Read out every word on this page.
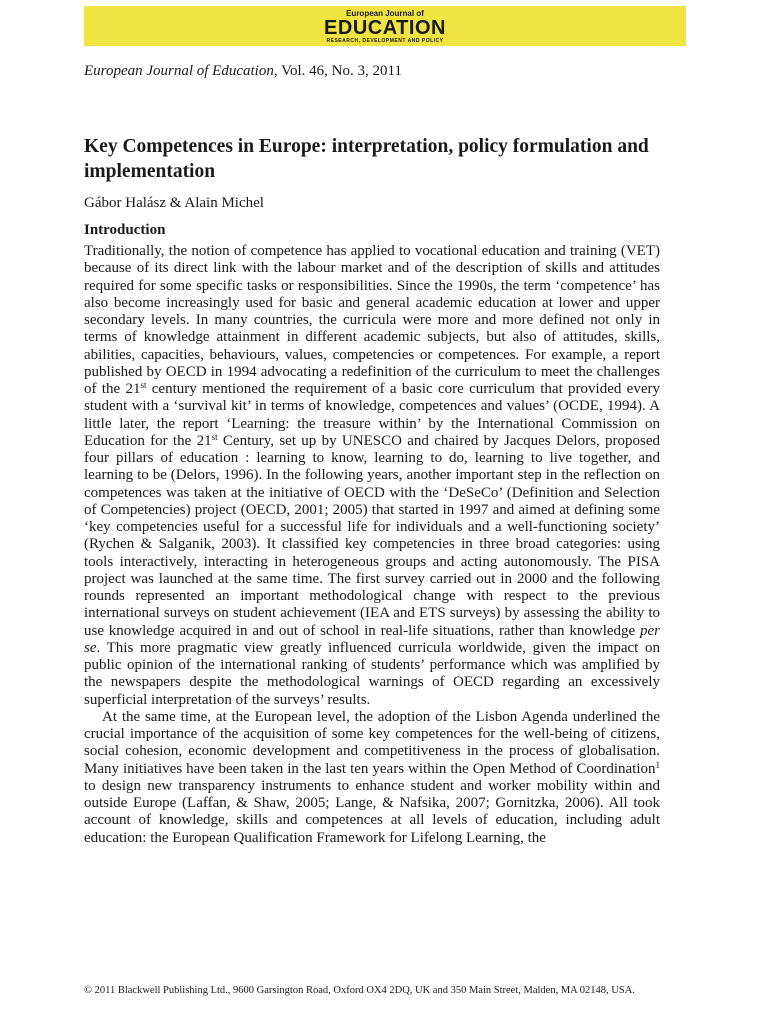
European Journal of
EDUCATION
RESEARCH, DEVELOPMENT AND POLICY
European Journal of Education, Vol. 46, No. 3, 2011
Key Competences in Europe: interpretation, policy formulation and implementation
Gábor Halász & Alain Michel
Introduction

Traditionally, the notion of competence has applied to vocational education and training (VET) because of its direct link with the labour market and of the description of skills and attitudes required for some specific tasks or responsibilities. Since the 1990s, the term ‘competence’ has also become increasingly used for basic and general academic education at lower and upper secondary levels. In many countries, the curricula were more and more defined not only in terms of knowledge attainment in different academic subjects, but also of attitudes, skills, abilities, capacities, behaviours, values, competencies or competences. For example, a report published by OECD in 1994 advocating a redefinition of the curriculum to meet the challenges of the 21st century mentioned the requirement of a basic core curriculum that provided every student with a ‘survival kit’ in terms of knowledge, competences and values’ (OCDE, 1994). A little later, the report ‘Learning: the treasure within’ by the International Commission on Education for the 21st Century, set up by UNESCO and chaired by Jacques Delors, proposed four pillars of education : learning to know, learning to do, learning to live together, and learning to be (Delors, 1996). In the following years, another important step in the reflection on competences was taken at the initiative of OECD with the ‘DeSeCo’ (Definition and Selection of Competencies) project (OECD, 2001; 2005) that started in 1997 and aimed at defining some ‘key competencies useful for a successful life for individuals and a well-functioning society’ (Rychen & Salganik, 2003). It classified key competencies in three broad categories: using tools interactively, interacting in heterogeneous groups and acting autonomously. The PISA project was launched at the same time. The first survey carried out in 2000 and the following rounds represented an important methodological change with respect to the previous international surveys on student achievement (IEA and ETS surveys) by assessing the ability to use knowledge acquired in and out of school in real-life situations, rather than knowledge per se. This more pragmatic view greatly influenced curricula worldwide, given the impact on public opinion of the international ranking of students’ performance which was amplified by the newspapers despite the methodological warnings of OECD regarding an excessively superficial interpretation of the surveys’ results.

At the same time, at the European level, the adoption of the Lisbon Agenda underlined the crucial importance of the acquisition of some key competences for the well-being of citizens, social cohesion, economic development and competitiveness in the process of globalisation. Many initiatives have been taken in the last ten years within the Open Method of Coordination$^1$ to design new transparency instruments to enhance student and worker mobility within and outside Europe (Laffan, & Shaw, 2005; Lange, & Nafsika, 2007; Gornitzka, 2006). All took account of knowledge, skills and competences at all levels of education, including adult education: the European Qualification Framework for Lifelong Learning, the

© 2011 Blackwell Publishing Ltd., 9600 Garsington Road, Oxford OX4 2DQ, UK and 350 Main Street, Malden, MA 02148, USA.
